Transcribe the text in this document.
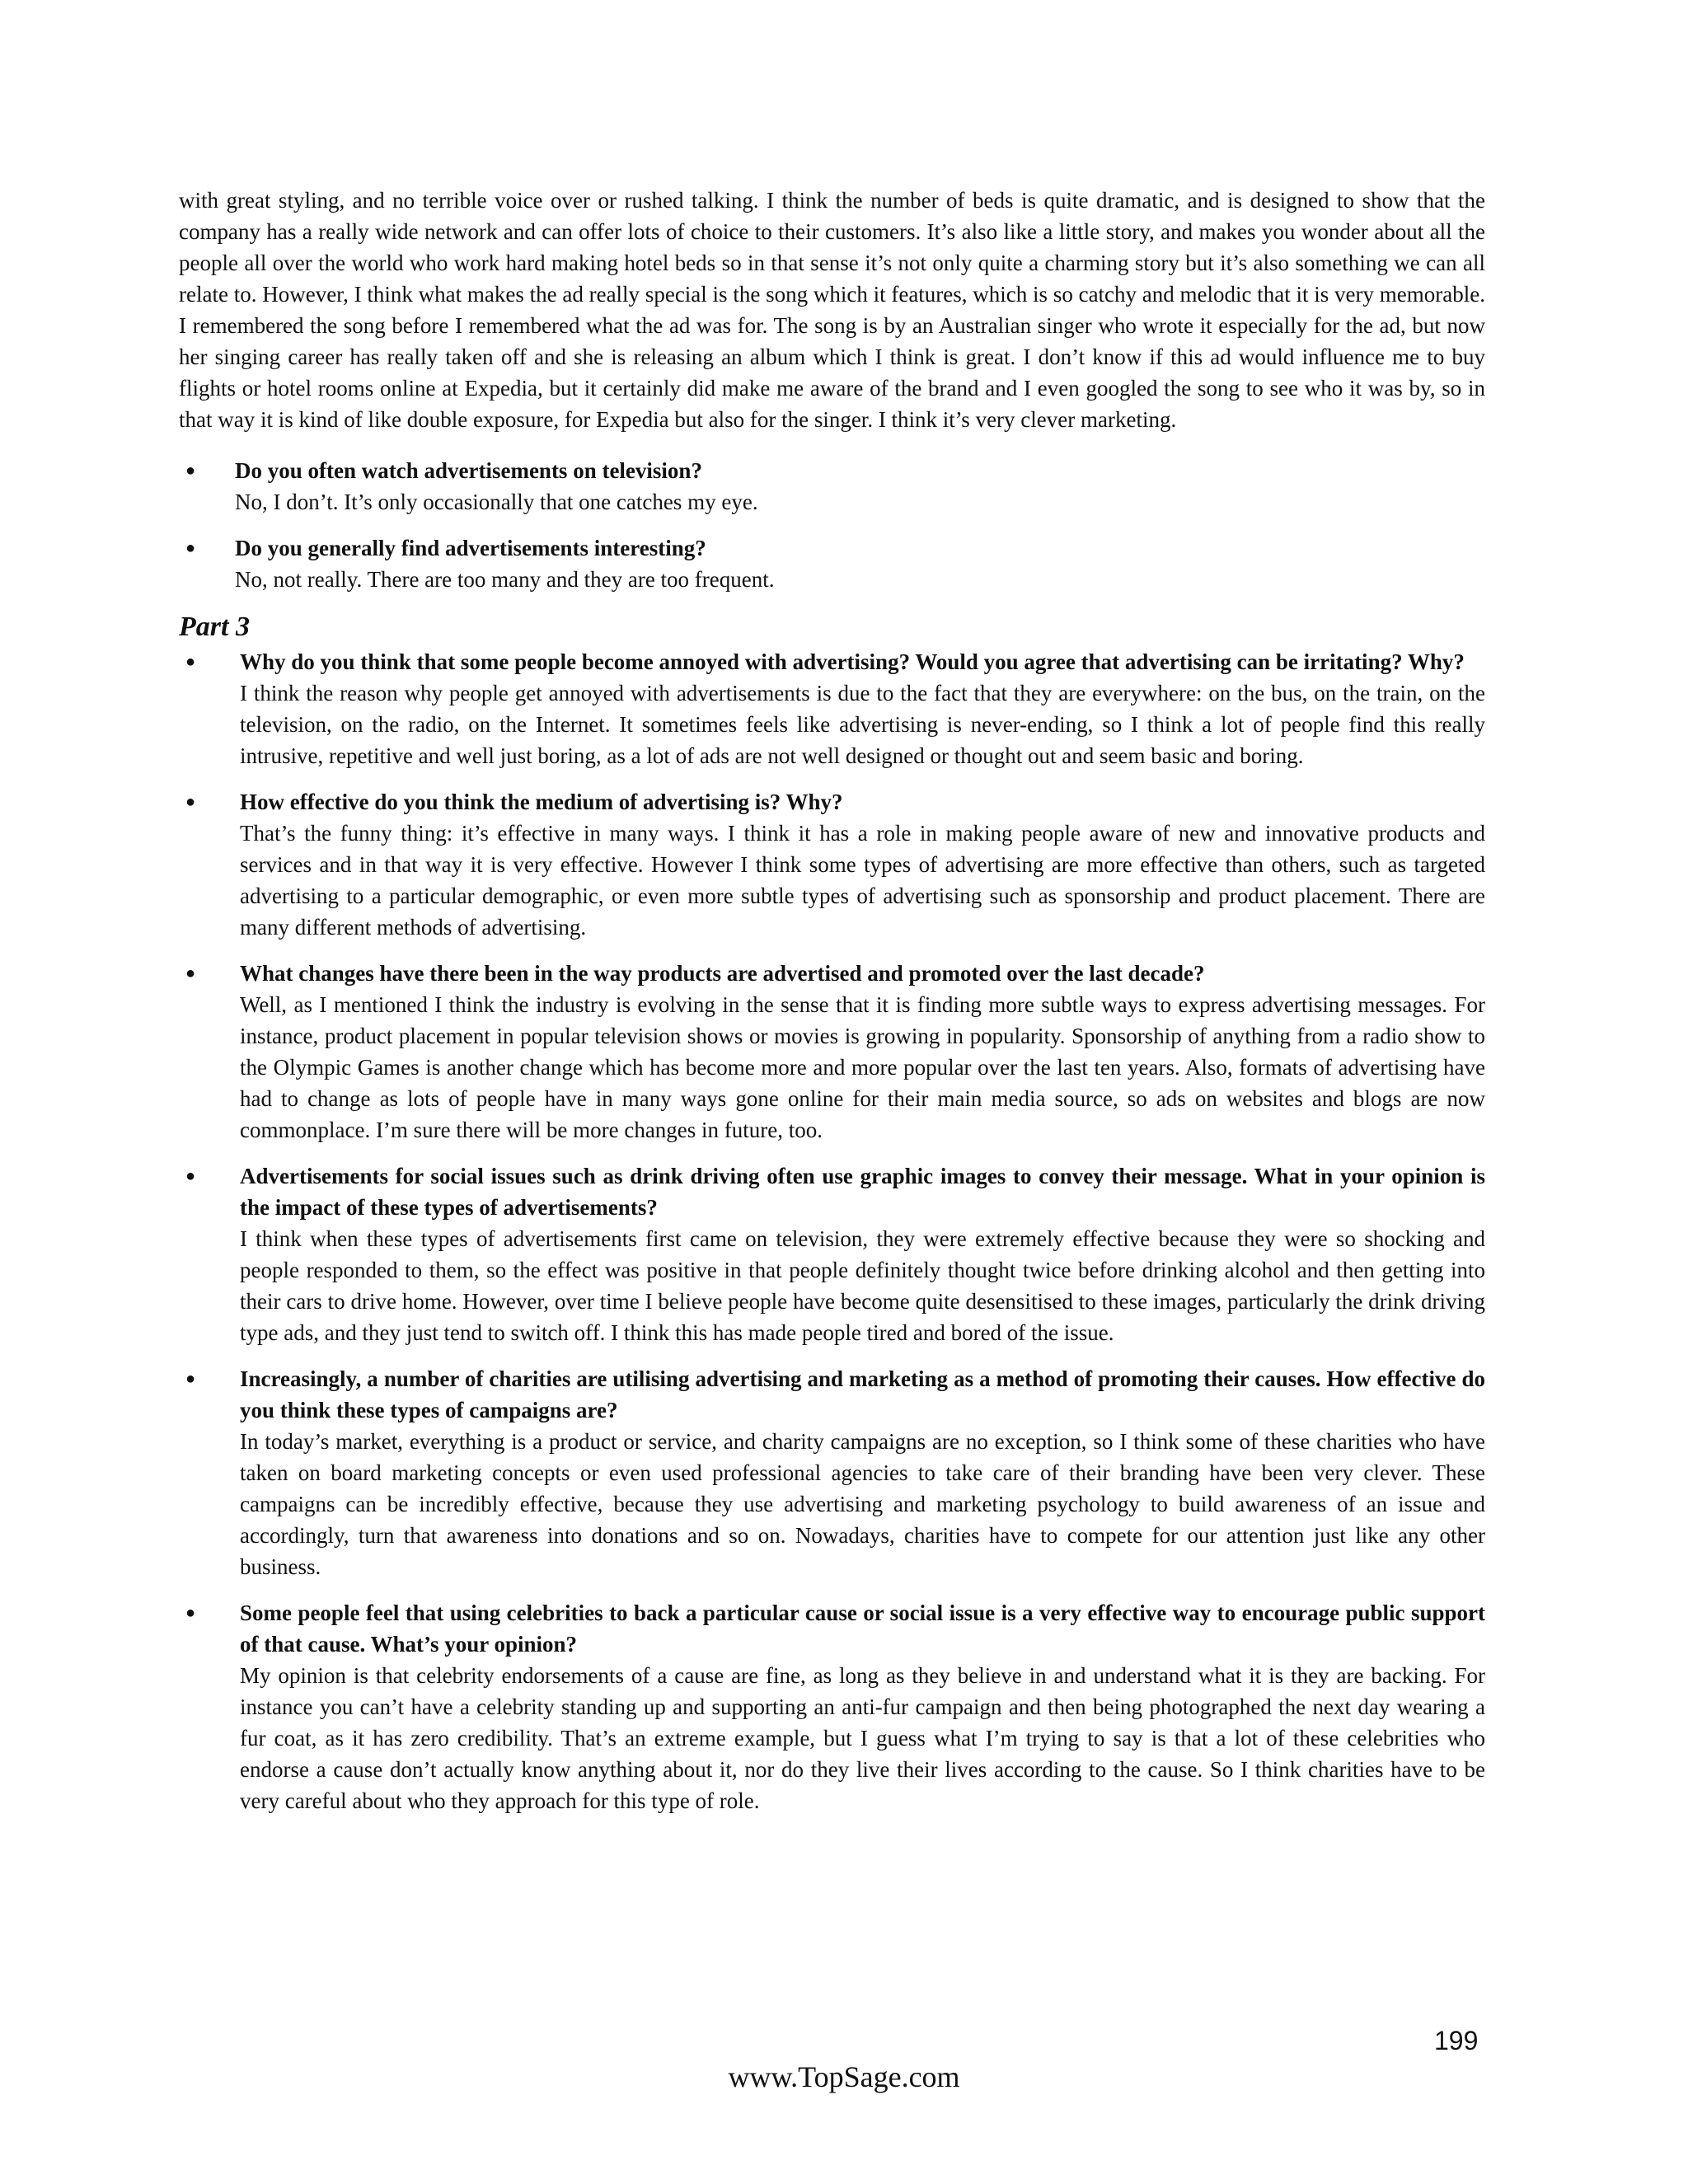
with great styling, and no terrible voice over or rushed talking. I think the number of beds is quite dramatic, and is designed to show that the company has a really wide network and can offer lots of choice to their customers. It’s also like a little story, and makes you wonder about all the people all over the world who work hard making hotel beds so in that sense it’s not only quite a charming story but it’s also something we can all relate to. However, I think what makes the ad really special is the song which it features, which is so catchy and melodic that it is very memorable. I remembered the song before I remembered what the ad was for. The song is by an Australian singer who wrote it especially for the ad, but now her singing career has really taken off and she is releasing an album which I think is great. I don’t know if this ad would influence me to buy flights or hotel rooms online at Expedia, but it certainly did make me aware of the brand and I even googled the song to see who it was by, so in that way it is kind of like double exposure, for Expedia but also for the singer. I think it’s very clever marketing.

● Do you often watch advertisements on television?
No, I don’t. It’s only occasionally that one catches my eye.
● Do you generally find advertisements interesting?
No, not really. There are too many and they are too frequent.
Part 3
● Why do you think that some people become annoyed with advertising? Would you agree that advertising can be irritating? Why?
I think the reason why people get annoyed with advertisements is due to the fact that they are everywhere: on the bus, on the train, on the television, on the radio, on the Internet. It sometimes feels like advertising is never-ending, so I think a lot of people find this really intrusive, repetitive and well just boring, as a lot of ads are not well designed or thought out and seem basic and boring.
● How effective do you think the medium of advertising is? Why?
That’s the funny thing: it’s effective in many ways. I think it has a role in making people aware of new and innovative products and services and in that way it is very effective. However I think some types of advertising are more effective than others, such as targeted advertising to a particular demographic, or even more subtle types of advertising such as sponsorship and product placement. There are many different methods of advertising.
● What changes have there been in the way products are advertised and promoted over the last decade?
Well, as I mentioned I think the industry is evolving in the sense that it is finding more subtle ways to express advertising messages. For instance, product placement in popular television shows or movies is growing in popularity. Sponsorship of anything from a radio show to the Olympic Games is another change which has become more and more popular over the last ten years. Also, formats of advertising have had to change as lots of people have in many ways gone online for their main media source, so ads on websites and blogs are now commonplace. I’m sure there will be more changes in future, too.
● Advertisements for social issues such as drink driving often use graphic images to convey their message. What in your opinion is the impact of these types of advertisements?
I think when these types of advertisements first came on television, they were extremely effective because they were so shocking and people responded to them, so the effect was positive in that people definitely thought twice before drinking alcohol and then getting into their cars to drive home. However, over time I believe people have become quite desensitised to these images, particularly the drink driving type ads, and they just tend to switch off. I think this has made people tired and bored of the issue.
● Increasingly, a number of charities are utilising advertising and marketing as a method of promoting their causes. How effective do you think these types of campaigns are?
In today’s market, everything is a product or service, and charity campaigns are no exception, so I think some of these charities who have taken on board marketing concepts or even used professional agencies to take care of their branding have been very clever. These campaigns can be incredibly effective, because they use advertising and marketing psychology to build awareness of an issue and accordingly, turn that awareness into donations and so on. Nowadays, charities have to compete for our attention just like any other business.
● Some people feel that using celebrities to back a particular cause or social issue is a very effective way to encourage public support of that cause. What’s your opinion?
My opinion is that celebrity endorsements of a cause are fine, as long as they believe in and understand what it is they are backing. For instance you can’t have a celebrity standing up and supporting an anti-fur campaign and then being photographed the next day wearing a fur coat, as it has zero credibility. That’s an extreme example, but I guess what I’m trying to say is that a lot of these celebrities who endorse a cause don’t actually know anything about it, nor do they live their lives according to the cause. So I think charities have to be very careful about who they approach for this type of role.
199
www.TopSage.com
